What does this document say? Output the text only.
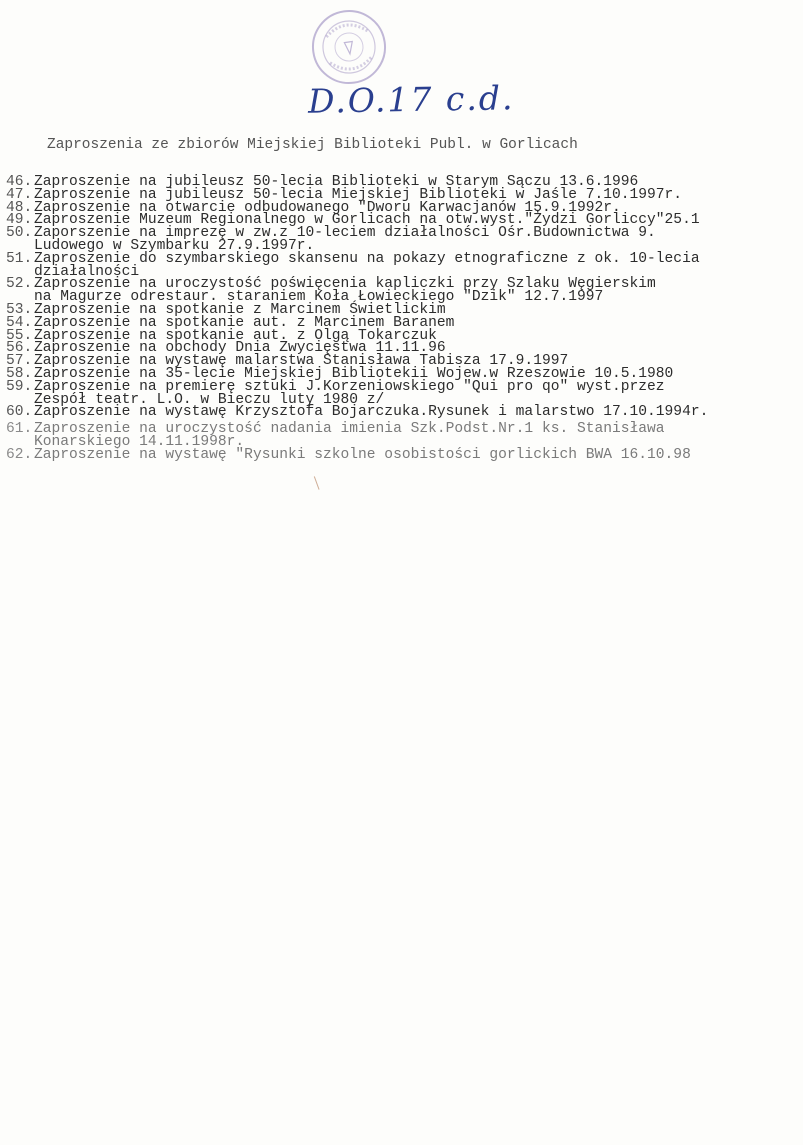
D.O.17 c.d.
Zaproszenia ze zbiorów Miejskiej Biblioteki Publ. w Gorlicach
46. Zaproszenie na jubileusz 50-lecia Biblioteki w Starym Sączu 13.6.1996
47. Zaproszenie na jubileusz 50-lecia Miejskiej Biblioteki w Jaśle 7.10.1997r.
48. Zaproszenie na otwarcie odbudowanego "Dworu Karwacjanów 15.9.1992r.
49. Zaproszenie Muzeum Regionalnego w Gorlicach na otw.wyst."Żydzi Gorliccy"25.1
50. Zaporszenie na imprezę w zw.z 10-leciem działalności Ośr.Budownictwa 9.
Ludowego w Szymbarku 27.9.1997r.
51. Zaproszenie do szymbarskiego skansenu na pokazy etnograficzne z ok. 10-lecia
działalności
52. Zaproszenie na uroczystość poświęcenia kapliczki przy Szlaku Węgierskim
na Magurze odrestaur. staraniem Koła Łowieckiego "Dzik" 12.7.1997
53. Zaproszenie na spotkanie z Marcinem Świetlickim
54. Zaproszenie na spotkanie aut. z Marcinem Baranem
55. Zaproszenie na spotkanie aut. z Olgą Tokarczuk
56. Zaproszenie na obchody Dnia Zwycięstwa 11.11.96
57. Zaproszenie na wystawę malarstwa Stanisława Tabisza 17.9.1997
58. Zaproszenie na 35-lecie Miejskiej Bibliotekii Wojew.w Rzeszowie 10.5.1980
59. Zaproszenie na premierę sztuki J.Korzeniowskiego "Qui pro qo" wyst.przez
Zespół teatr. L.O. w Bieczu luty 1980 z/
60. Zaproszenie na wystawę Krzysztofa Bojarczuka.Rysunek i malarstwo 17.10.1994r.
61. Zaproszenie na uroczystość nadania imienia Szk.Podst.Nr.1 ks. Stanisława
Konarskiego 14.11.1998r.
62. Zaproszenie na wystawę "Rysunki szkolne osobistości gorlickich BWA 16.10.98
